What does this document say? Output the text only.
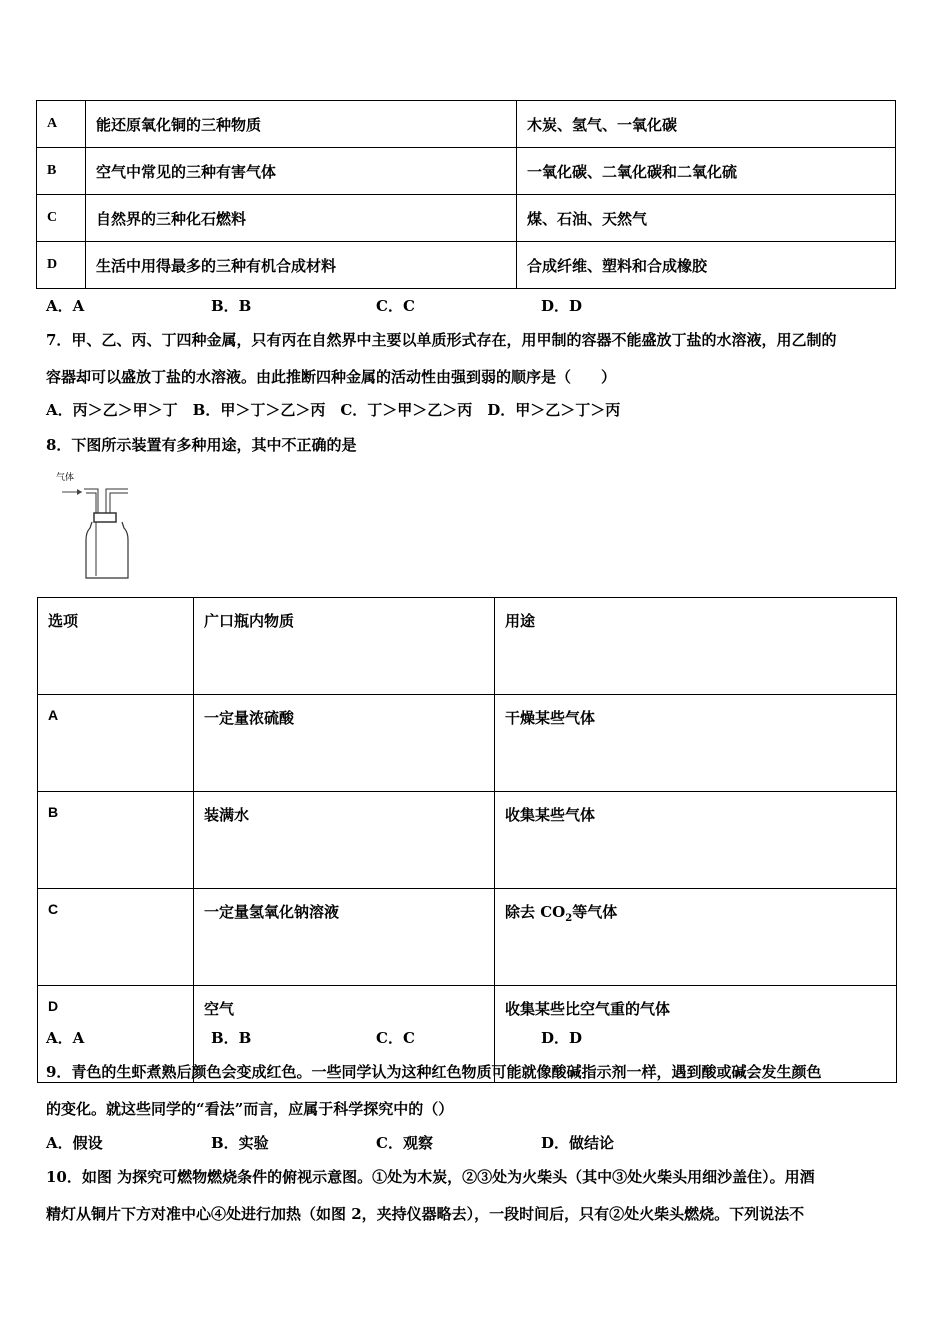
A	能还原氧化铜的三种物质	木炭、氢气、一氧化碳
B	空气中常见的三种有害气体	一氧化碳、二氧化碳和二氧化硫
C	自然界的三种化石燃料	煤、石油、天然气
D	生活中用得最多的三种有机合成材料	合成纤维、塑料和合成橡胶
A．A	B．B	C．C	D．D
7．甲、乙、丙、丁四种金属，只有丙在自然界中主要以单质形式存在，用甲制的容器不能盛放丁盐的水溶液，用乙制的
容器却可以盛放丁盐的水溶液。由此推断四种金属的活动性由强到弱的顺序是（　　）
A．丙＞乙＞甲＞丁　B．甲＞丁＞乙＞丙　C．丁＞甲＞乙＞丙　D．甲＞乙＞丁＞丙
8．下图所示装置有多种用途，其中不正确的是
气体
选项	广口瓶内物质	用途
A	一定量浓硫酸	干燥某些气体
B	装满水	收集某些气体
C	一定量氢氧化钠溶液	除去 $CO_2$等气体
D	空气	收集某些比空气重的气体
A．A	B．B	C．C	D．D
9．青色的生虾煮熟后颜色会变成红色。一些同学认为这种红色物质可能就像酸碱指示剂一样，遇到酸或碱会发生颜色
的变化。就这些同学的“看法”而言，应属于科学探究中的（）
A．假设	B．实验	C．观察	D．做结论
10．如图 为探究可燃物燃烧条件的俯视示意图。①处为木炭，②③处为火柴头（其中③处火柴头用细沙盖住）。用酒
精灯从铜片下方对准中心④处进行加热（如图 2，夹持仪器略去），一段时间后，只有②处火柴头燃烧。下列说法不
